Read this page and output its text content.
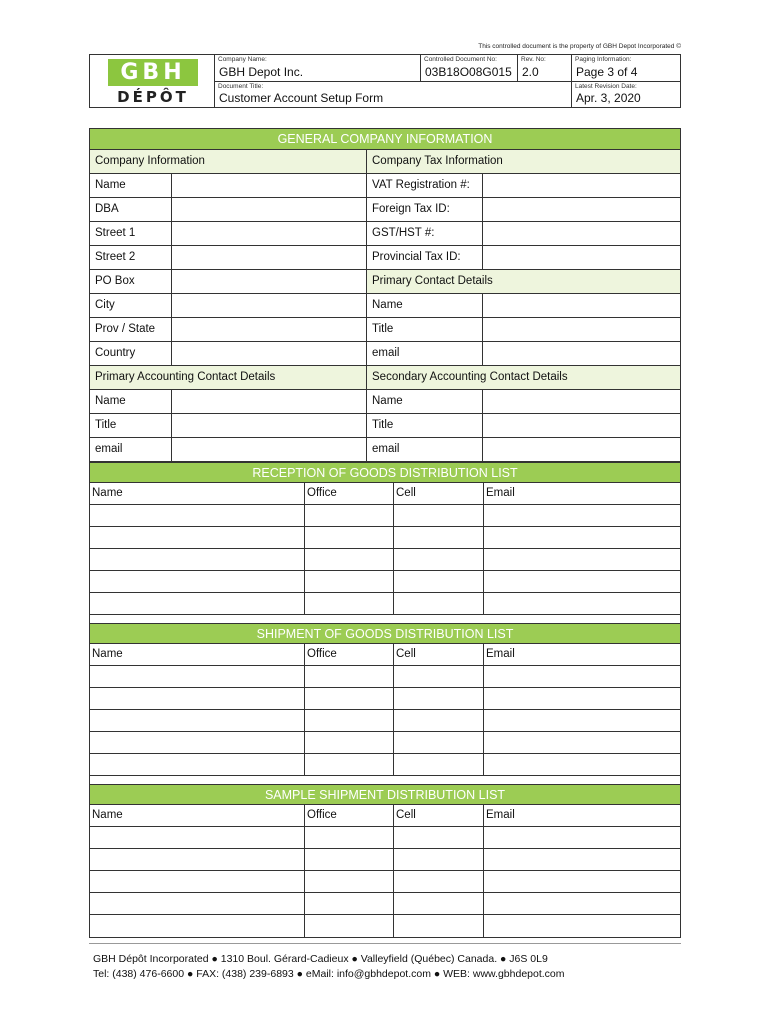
This controlled document is the property of GBH Depot Incorporated ©
GBH
DÉPÔT
Company Name:
GBH Depot Inc.
Controlled Document No:
03B18O08G015
Rev. No:
2.0
Paging Information:
Page 3 of 4
Document Title:
Customer Account Setup Form
Latest Revision Date:
Apr. 3, 2020
GENERAL COMPANY INFORMATION
Company Information	Company Tax Information
Name	VAT Registration #:
DBA	Foreign Tax ID:
Street 1	GST/HST #:
Street 2	Provincial Tax ID:
PO Box	Primary Contact Details
City	Name
Prov / State	Title
Country	email
Primary Accounting Contact Details	Secondary Accounting Contact Details
Name	Name
Title	Title
email	email
RECEPTION OF GOODS DISTRIBUTION LIST
Name	Office	Cell	Email
SHIPMENT OF GOODS DISTRIBUTION LIST
Name	Office	Cell	Email
SAMPLE SHIPMENT DISTRIBUTION LIST
Name	Office	Cell	Email
GBH Dépôt Incorporated ● 1310 Boul. Gérard-Cadieux ● Valleyfield (Québec) Canada. ● J6S 0L9
Tel: (438) 476-6600 ● FAX: (438) 239-6893 ● eMail: info@gbhdepot.com ● WEB: www.gbhdepot.com
